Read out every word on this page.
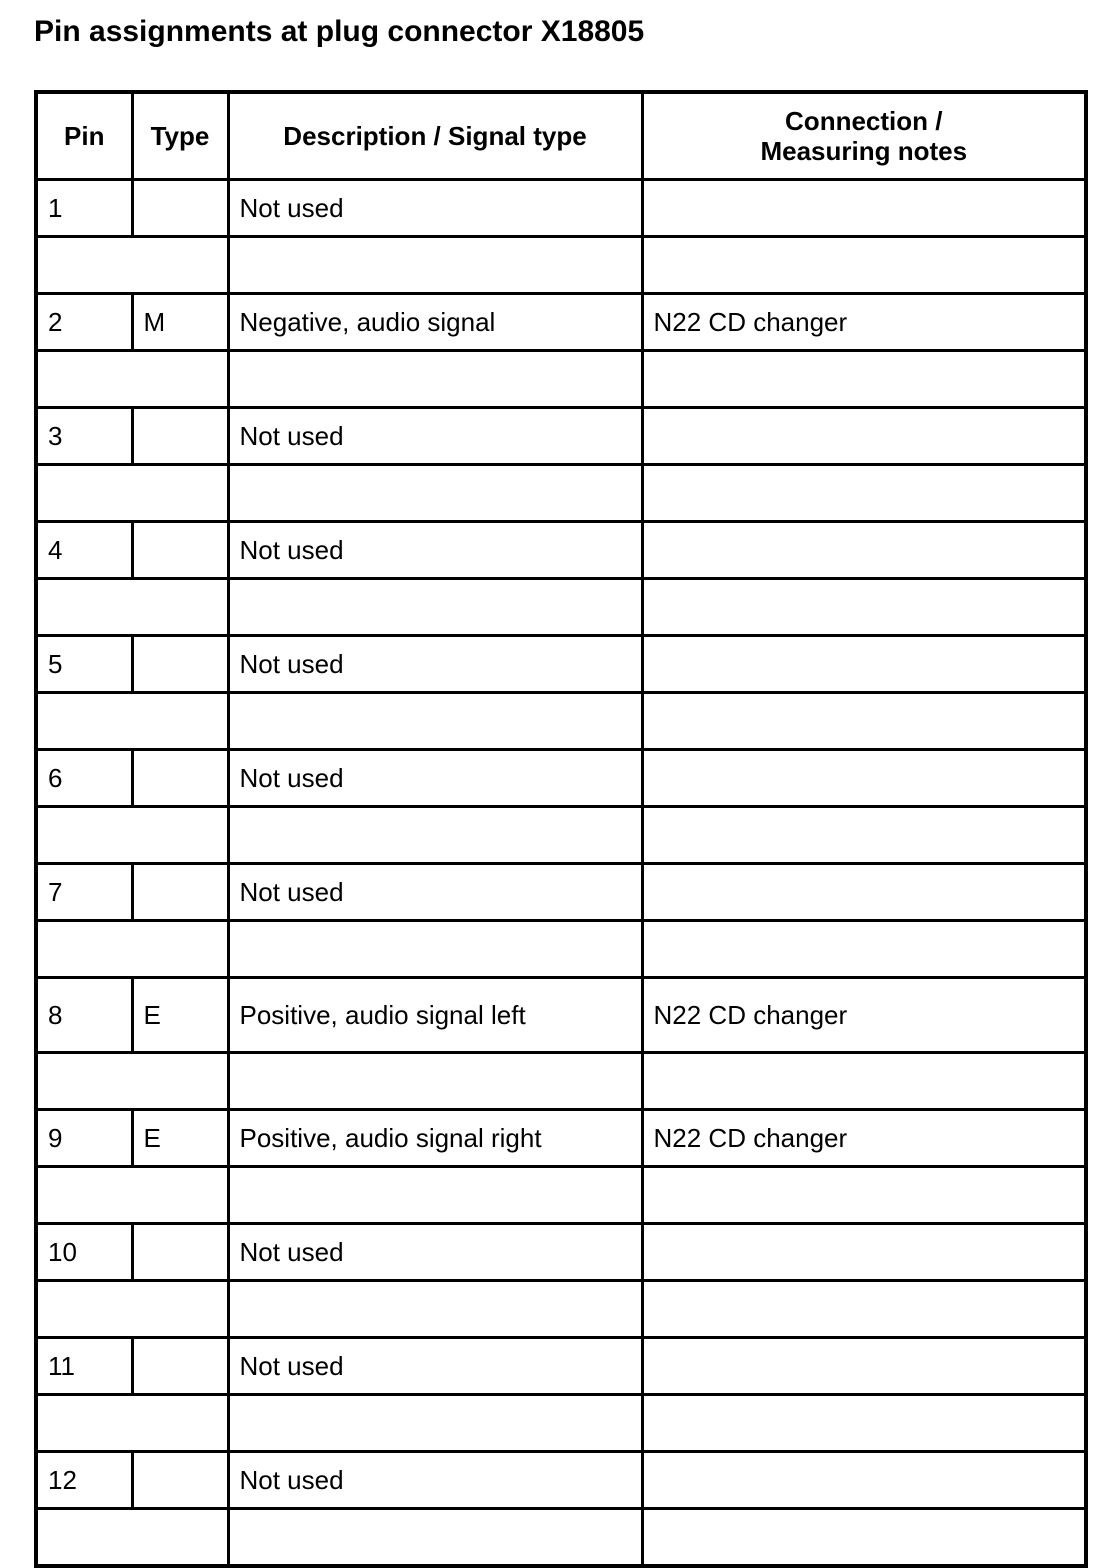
Pin assignments at plug connector X18805
Pin	Type	Description / Signal type	Connection /
Measuring notes
1		Not used	

2	M	Negative, audio signal	N22 CD changer

3		Not used	

4		Not used	

5		Not used	

6		Not used	

7		Not used	

8	E	Positive, audio signal left	N22 CD changer

9	E	Positive, audio signal right	N22 CD changer

10		Not used	

11		Not used	

12		Not used	
